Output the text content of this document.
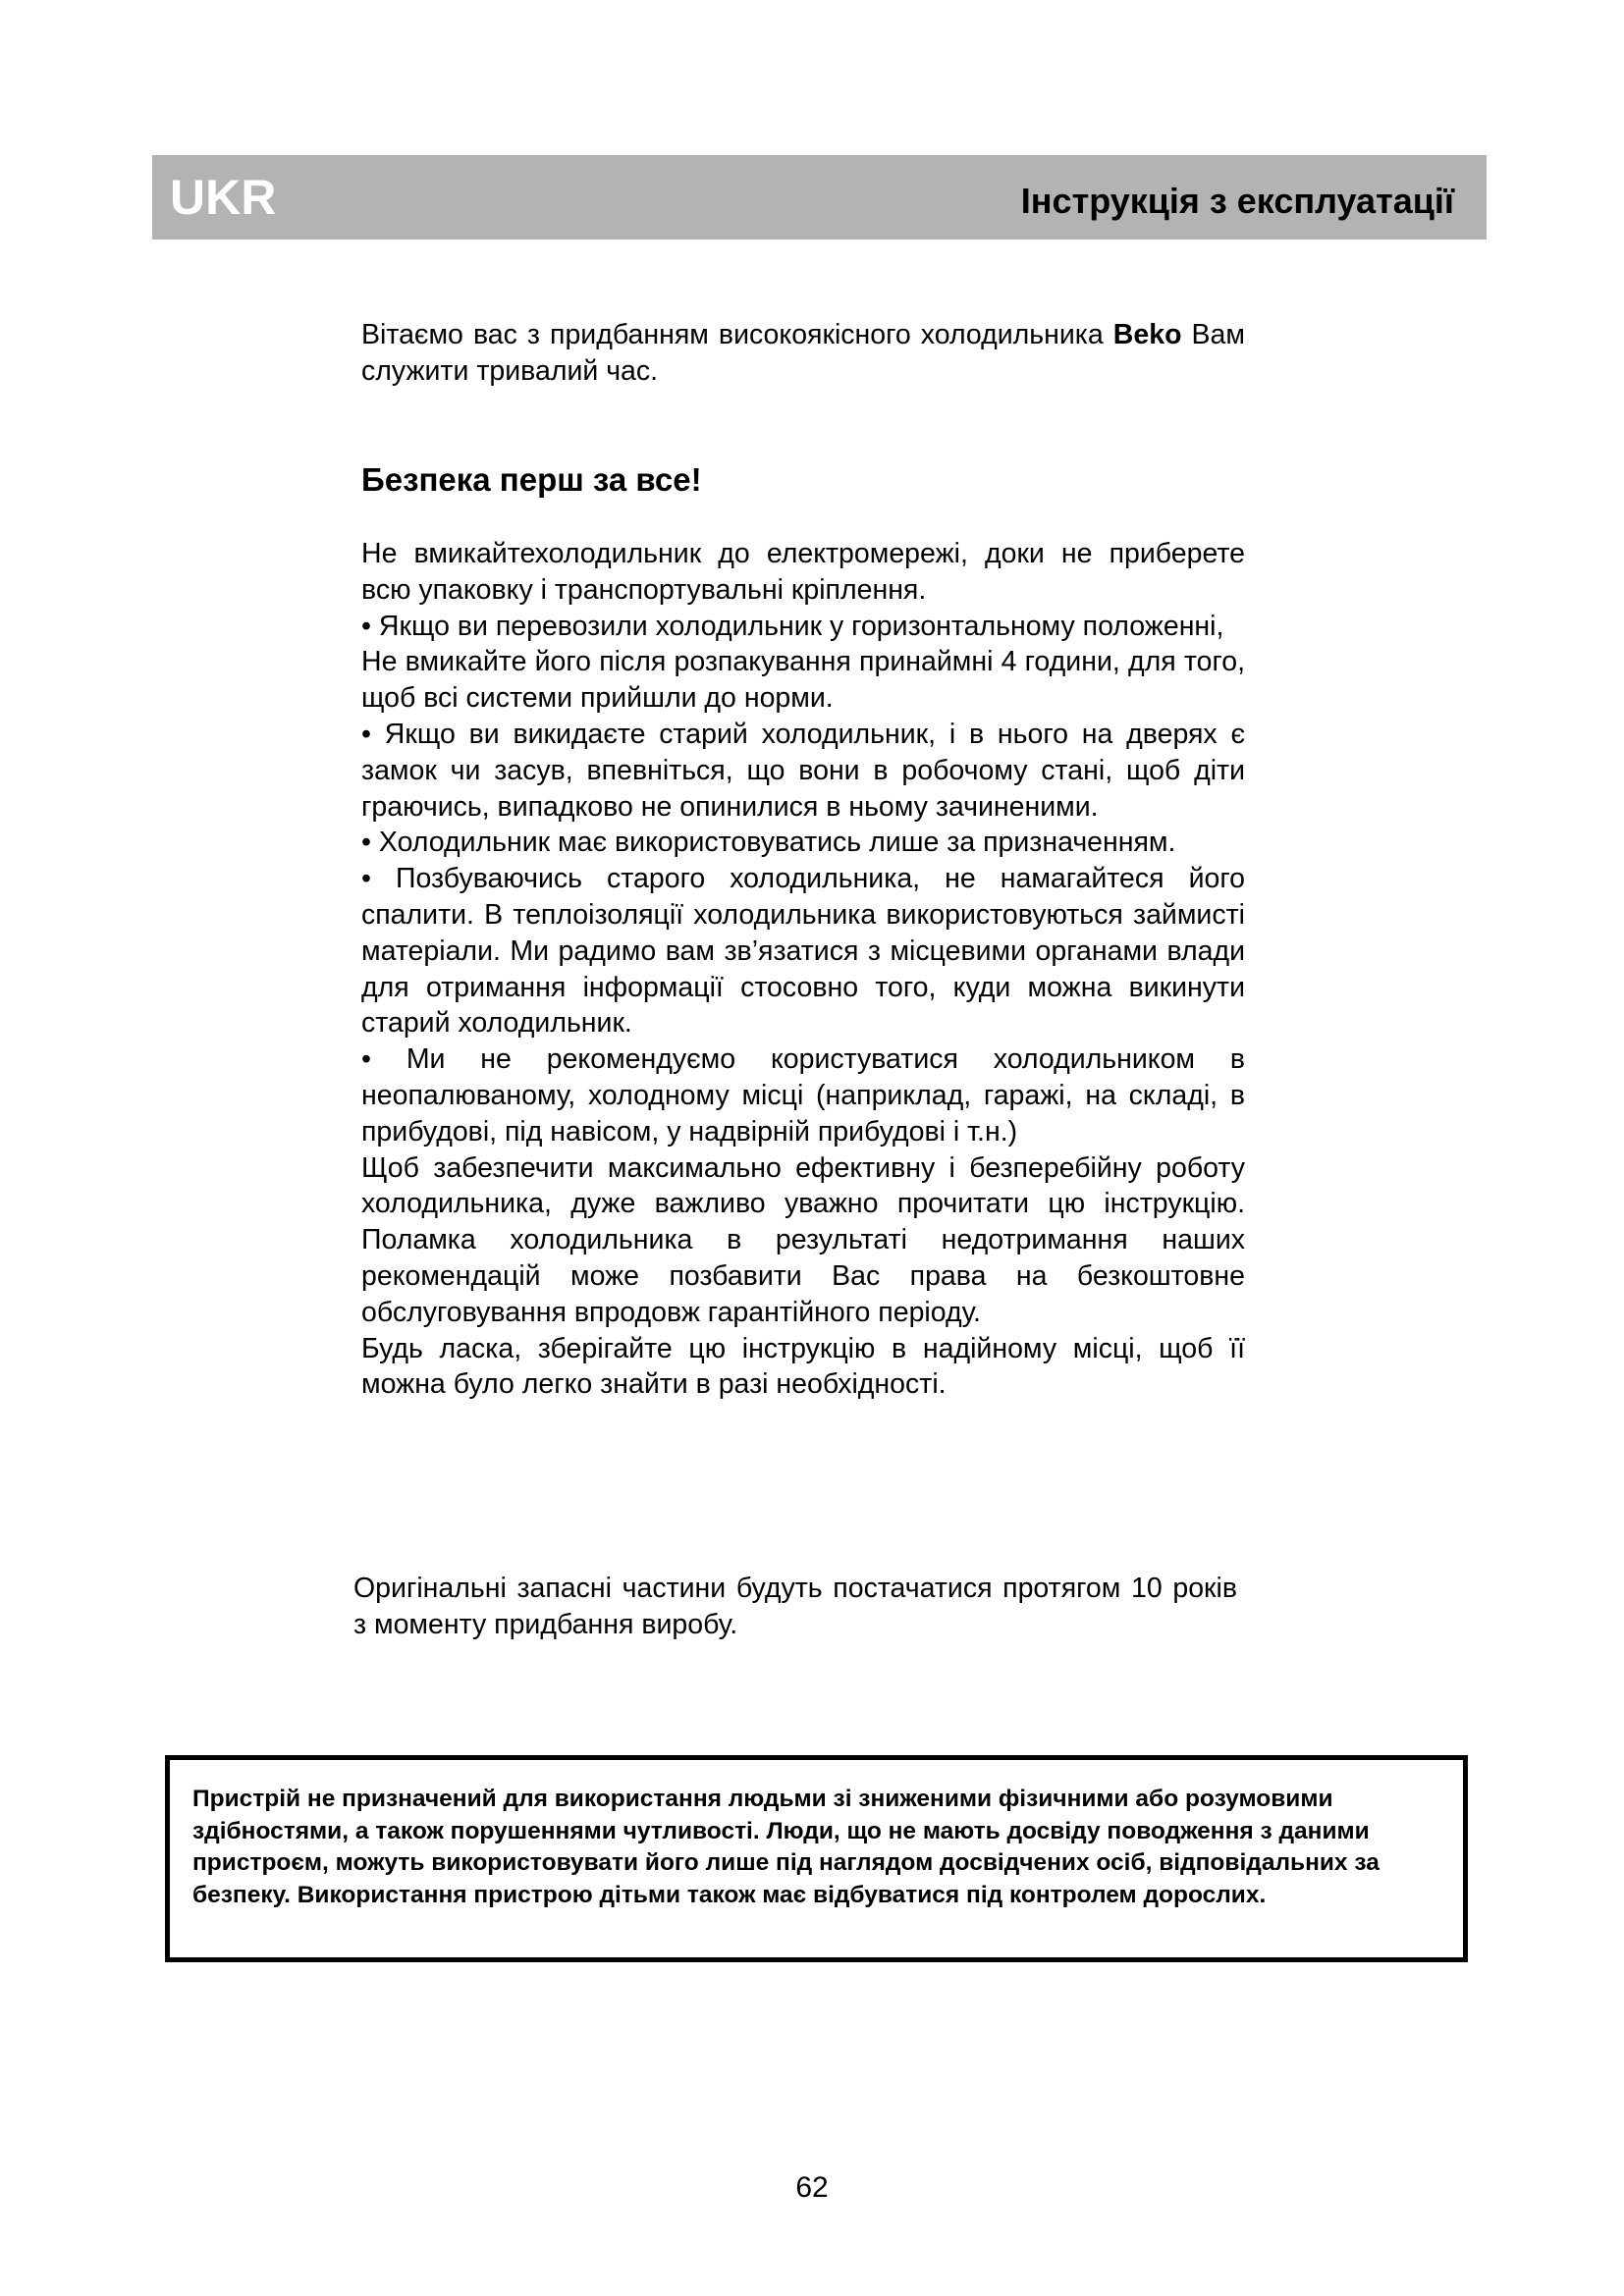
UKR	Інструкція з експлуатації

Вітаємо вас з придбанням високоякісного холодильника Beko Вам служити тривалий час.

Безпека перш за все!

Не вмикайтехолодильник до електромережі, доки не приберете всю упаковку і транспортувальні кріплення.

• Якщо ви перевозили холодильник у горизонтальному положенні,

Не вмикайте його після розпакування принаймні 4 години, для того, щоб всі системи прийшли до норми.

• Якщо ви викидаєте старий холодильник, і в нього на дверях є замок чи засув, впевніться, що вони в робочому стані, щоб діти граючись, випадково не опинилися в ньому зачиненими.

• Холодильник має використовуватись лише за призначенням.

• Позбуваючись старого холодильника, не намагайтеся його спалити. В теплоізоляції холодильника використовуються займисті матеріали. Ми радимо вам зв’язатися з місцевими органами влади для отримання інформації стосовно того, куди можна викинути старий холодильник.

• Ми не рекомендуємо користуватися холодильником в неопалюваному, холодному місці (наприклад, гаражі, на складі, в прибудові, під навісом, у надвірній прибудові і т.н.)

Щоб забезпечити максимально ефективну і безперебійну роботу холодильника, дуже важливо уважно прочитати цю інструкцію. Поламка холодильника в результаті недотримання наших рекомендацій може позбавити Вас права на безкоштовне обслуговування впродовж гарантійного періоду.

Будь ласка, зберігайте цю інструкцію в надійному місці, щоб її можна було легко знайти в разі необхідності.

Оригінальні запасні частини будуть постачатися протягом 10 років з моменту придбання виробу.

Пристрій не призначений для використання людьми зі зниженими фізичними або розумовими здібностями, а також порушеннями чутливості. Люди, що не мають досвіду поводження з даними пристроєм, можуть використовувати його лише під наглядом досвідчених осіб, відповідальних за безпеку. Використання пристрою дітьми також має відбуватися під контролем дорослих.

62
